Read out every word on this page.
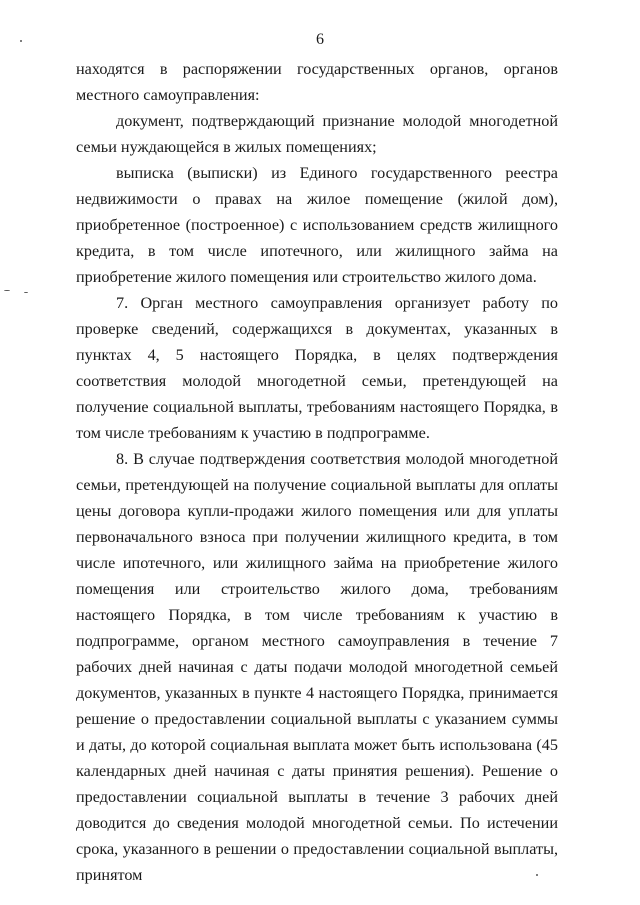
6

находятся в распоряжении государственных органов, органов местного самоуправления:

документ, подтверждающий признание молодой многодетной семьи нуждающейся в жилых помещениях;

выписка (выписки) из Единого государственного реестра недвижимости о правах на жилое помещение (жилой дом), приобретенное (построенное) с использованием средств жилищного кредита, в том числе ипотечного, или жилищного займа на приобретение жилого помещения или строительство жилого дома.

7. Орган местного самоуправления организует работу по проверке сведений, содержащихся в документах, указанных в пунктах 4, 5 настоящего Порядка, в целях подтверждения соответствия молодой многодетной семьи, претендующей на получение социальной выплаты, требованиям настоящего Порядка, в том числе требованиям к участию в подпрограмме.

8. В случае подтверждения соответствия молодой многодетной семьи, претендующей на получение социальной выплаты для оплаты цены договора купли-продажи жилого помещения или для уплаты первоначального взноса при получении жилищного кредита, в том числе ипотечного, или жилищного займа на приобретение жилого помещения или строительство жилого дома, требованиям настоящего Порядка, в том числе требованиям к участию в подпрограмме, органом местного самоуправления в течение 7 рабочих дней начиная с даты подачи молодой многодетной семьей документов, указанных в пункте 4 настоящего Порядка, принимается решение о предоставлении социальной выплаты с указанием суммы и даты, до которой социальная выплата может быть использована (45 календарных дней начиная с даты принятия решения). Решение о предоставлении социальной выплаты в течение 3 рабочих дней доводится до сведения молодой многодетной семьи. По истечении срока, указанного в решении о предоставлении социальной выплаты, принятом
